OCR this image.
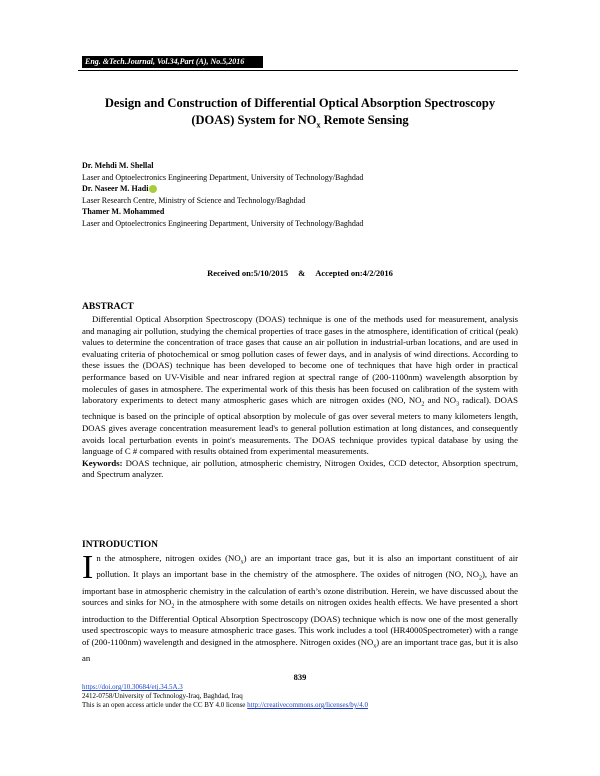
Eng. &Tech.Journal, Vol.34,Part (A), No.5,2016
Design and Construction of Differential Optical Absorption Spectroscopy
(DOAS) System for $NO_x$ Remote Sensing
Dr. Mehdi M. Shellal
Laser and Optoelectronics Engineering Department, University of Technology/Baghdad
Dr. Naseer M. Hadi
Laser Research Centre, Ministry of Science and Technology/Baghdad
Thamer M. Mohammed
Laser and Optoelectronics Engineering Department, University of Technology/Baghdad
Received on:5/10/2015 & Accepted on:4/2/2016
ABSTRACT

Differential Optical Absorption Spectroscopy (DOAS) technique is one of the methods used for measurement, analysis and managing air pollution, studying the chemical properties of trace gases in the atmosphere, identification of critical (peak) values to determine the concentration of trace gases that cause an air pollution in industrial-urban locations, and are used in evaluating criteria of photochemical or smog pollution cases of fewer days, and in analysis of wind directions. According to these issues the (DOAS) technique has been developed to become one of techniques that have high order in practical performance based on UV-Visible and near infrared region at spectral range of (200-1100nm) wavelength absorption by molecules of gases in atmosphere. The experimental work of this thesis has been focused on calibration of the system with laboratory experiments to detect many atmospheric gases which are nitrogen oxides (NO, $NO_2$ and $NO_3$ radical). DOAS technique is based on the principle of optical absorption by molecule of gas over several meters to many kilometers length, DOAS gives average concentration measurement lead's to general pollution estimation at long distances, and consequently avoids local perturbation events in point's measurements. The DOAS technique provides typical database by using the language of C # compared with results obtained from experimental measurements.

Keywords: DOAS technique, air pollution, atmospheric chemistry, Nitrogen Oxides, CCD detector, Absorption spectrum, and Spectrum analyzer.

INTRODUCTION

In the atmosphere, nitrogen oxides $(NO_x)$ are an important trace gas, but it is also an important constituent of air pollution. It plays an important base in the chemistry of the atmosphere. The oxides of nitrogen (NO, $NO_2$), have an important base in atmospheric chemistry in the calculation of earth’s ozone distribution. Herein, we have discussed about the sources and sinks for $NO_2$ in the atmosphere with some details on nitrogen oxides health effects. We have presented a short introduction to the Differential Optical Absorption Spectroscopy (DOAS) technique which is now one of the most generally used spectroscopic ways to measure atmospheric trace gases. This work includes a tool (HR4000Spectrometer) with a range of (200-1100nm) wavelength and designed in the atmosphere. Nitrogen oxides $(NO_x)$ are an important trace gas, but it is also an

839
https://doi.org/10.30684/etj.34.5A.3
2412-0758/University of Technology-Iraq, Baghdad, Iraq
This is an open access article under the CC BY 4.0 license http://creativecommons.org/licenses/by/4.0
